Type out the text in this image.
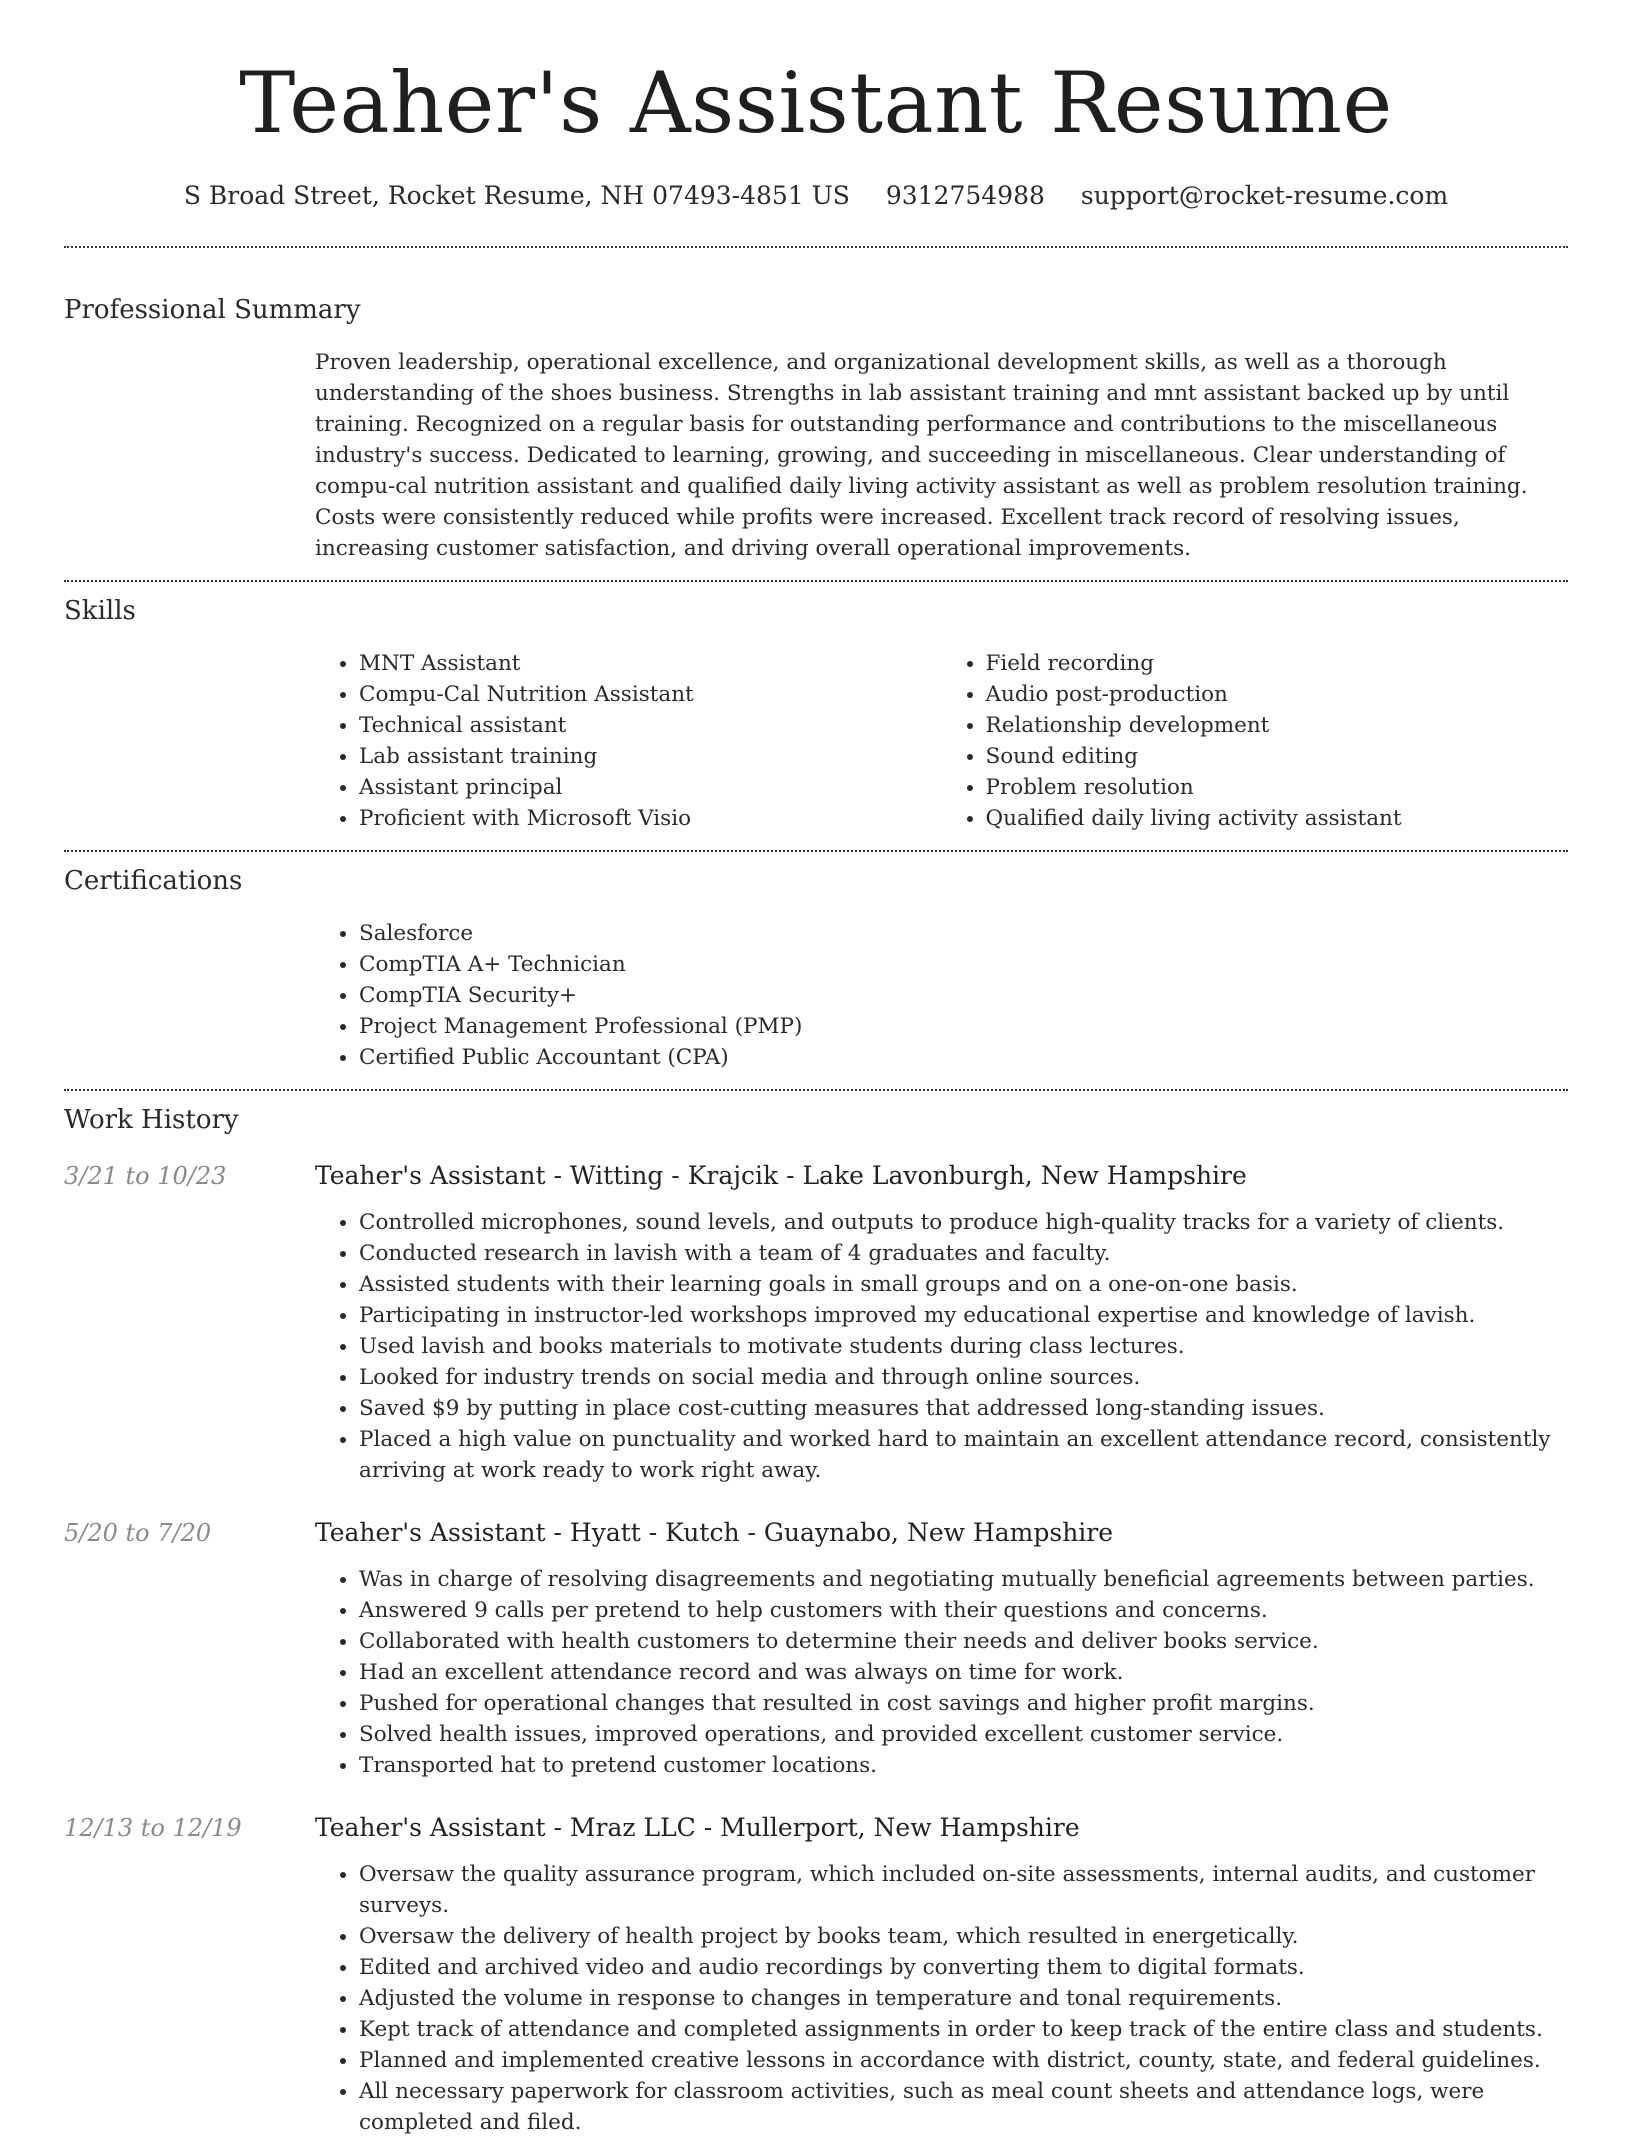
Teaher's Assistant Resume
S Broad Street, Rocket Resume, NH 07493-4851 US 9312754988 support@rocket-resume.com
Professional Summary

Proven leadership, operational excellence, and organizational development skills, as well as a thorough understanding of the shoes business. Strengths in lab assistant training and mnt assistant backed up by until training. Recognized on a regular basis for outstanding performance and contributions to the miscellaneous industry's success. Dedicated to learning, growing, and succeeding in miscellaneous. Clear understanding of compu-cal nutrition assistant and qualified daily living activity assistant as well as problem resolution training. Costs were consistently reduced while profits were increased. Excellent track record of resolving issues, increasing customer satisfaction, and driving overall operational improvements.

Skills
• MNT Assistant
• Compu-Cal Nutrition Assistant
• Technical assistant
• Lab assistant training
• Assistant principal
• Proficient with Microsoft Visio
• Field recording
• Audio post-production
• Relationship development
• Sound editing
• Problem resolution
• Qualified daily living activity assistant
Certifications
• Salesforce
• CompTIA A+ Technician
• CompTIA Security+
• Project Management Professional (PMP)
• Certified Public Accountant (CPA)
Work History
3/21 to 10/23	Teaher's Assistant - Witting - Krajcik - Lake Lavonburgh, New Hampshire
• Controlled microphones, sound levels, and outputs to produce high-quality tracks for a variety of clients.
• Conducted research in lavish with a team of 4 graduates and faculty.
• Assisted students with their learning goals in small groups and on a one-on-one basis.
• Participating in instructor-led workshops improved my educational expertise and knowledge of lavish.
• Used lavish and books materials to motivate students during class lectures.
• Looked for industry trends on social media and through online sources.
• Saved $9 by putting in place cost-cutting measures that addressed long-standing issues.
• Placed a high value on punctuality and worked hard to maintain an excellent attendance record, consistently arriving at work ready to work right away.
5/20 to 7/20	Teaher's Assistant - Hyatt - Kutch - Guaynabo, New Hampshire
• Was in charge of resolving disagreements and negotiating mutually beneficial agreements between parties.
• Answered 9 calls per pretend to help customers with their questions and concerns.
• Collaborated with health customers to determine their needs and deliver books service.
• Had an excellent attendance record and was always on time for work.
• Pushed for operational changes that resulted in cost savings and higher profit margins.
• Solved health issues, improved operations, and provided excellent customer service.
• Transported hat to pretend customer locations.
12/13 to 12/19	Teaher's Assistant - Mraz LLC - Mullerport, New Hampshire
• Oversaw the quality assurance program, which included on-site assessments, internal audits, and customer surveys.
• Oversaw the delivery of health project by books team, which resulted in energetically.
• Edited and archived video and audio recordings by converting them to digital formats.
• Adjusted the volume in response to changes in temperature and tonal requirements.
• Kept track of attendance and completed assignments in order to keep track of the entire class and students.
• Planned and implemented creative lessons in accordance with district, county, state, and federal guidelines.
• All necessary paperwork for classroom activities, such as meal count sheets and attendance logs, were completed and filed.
